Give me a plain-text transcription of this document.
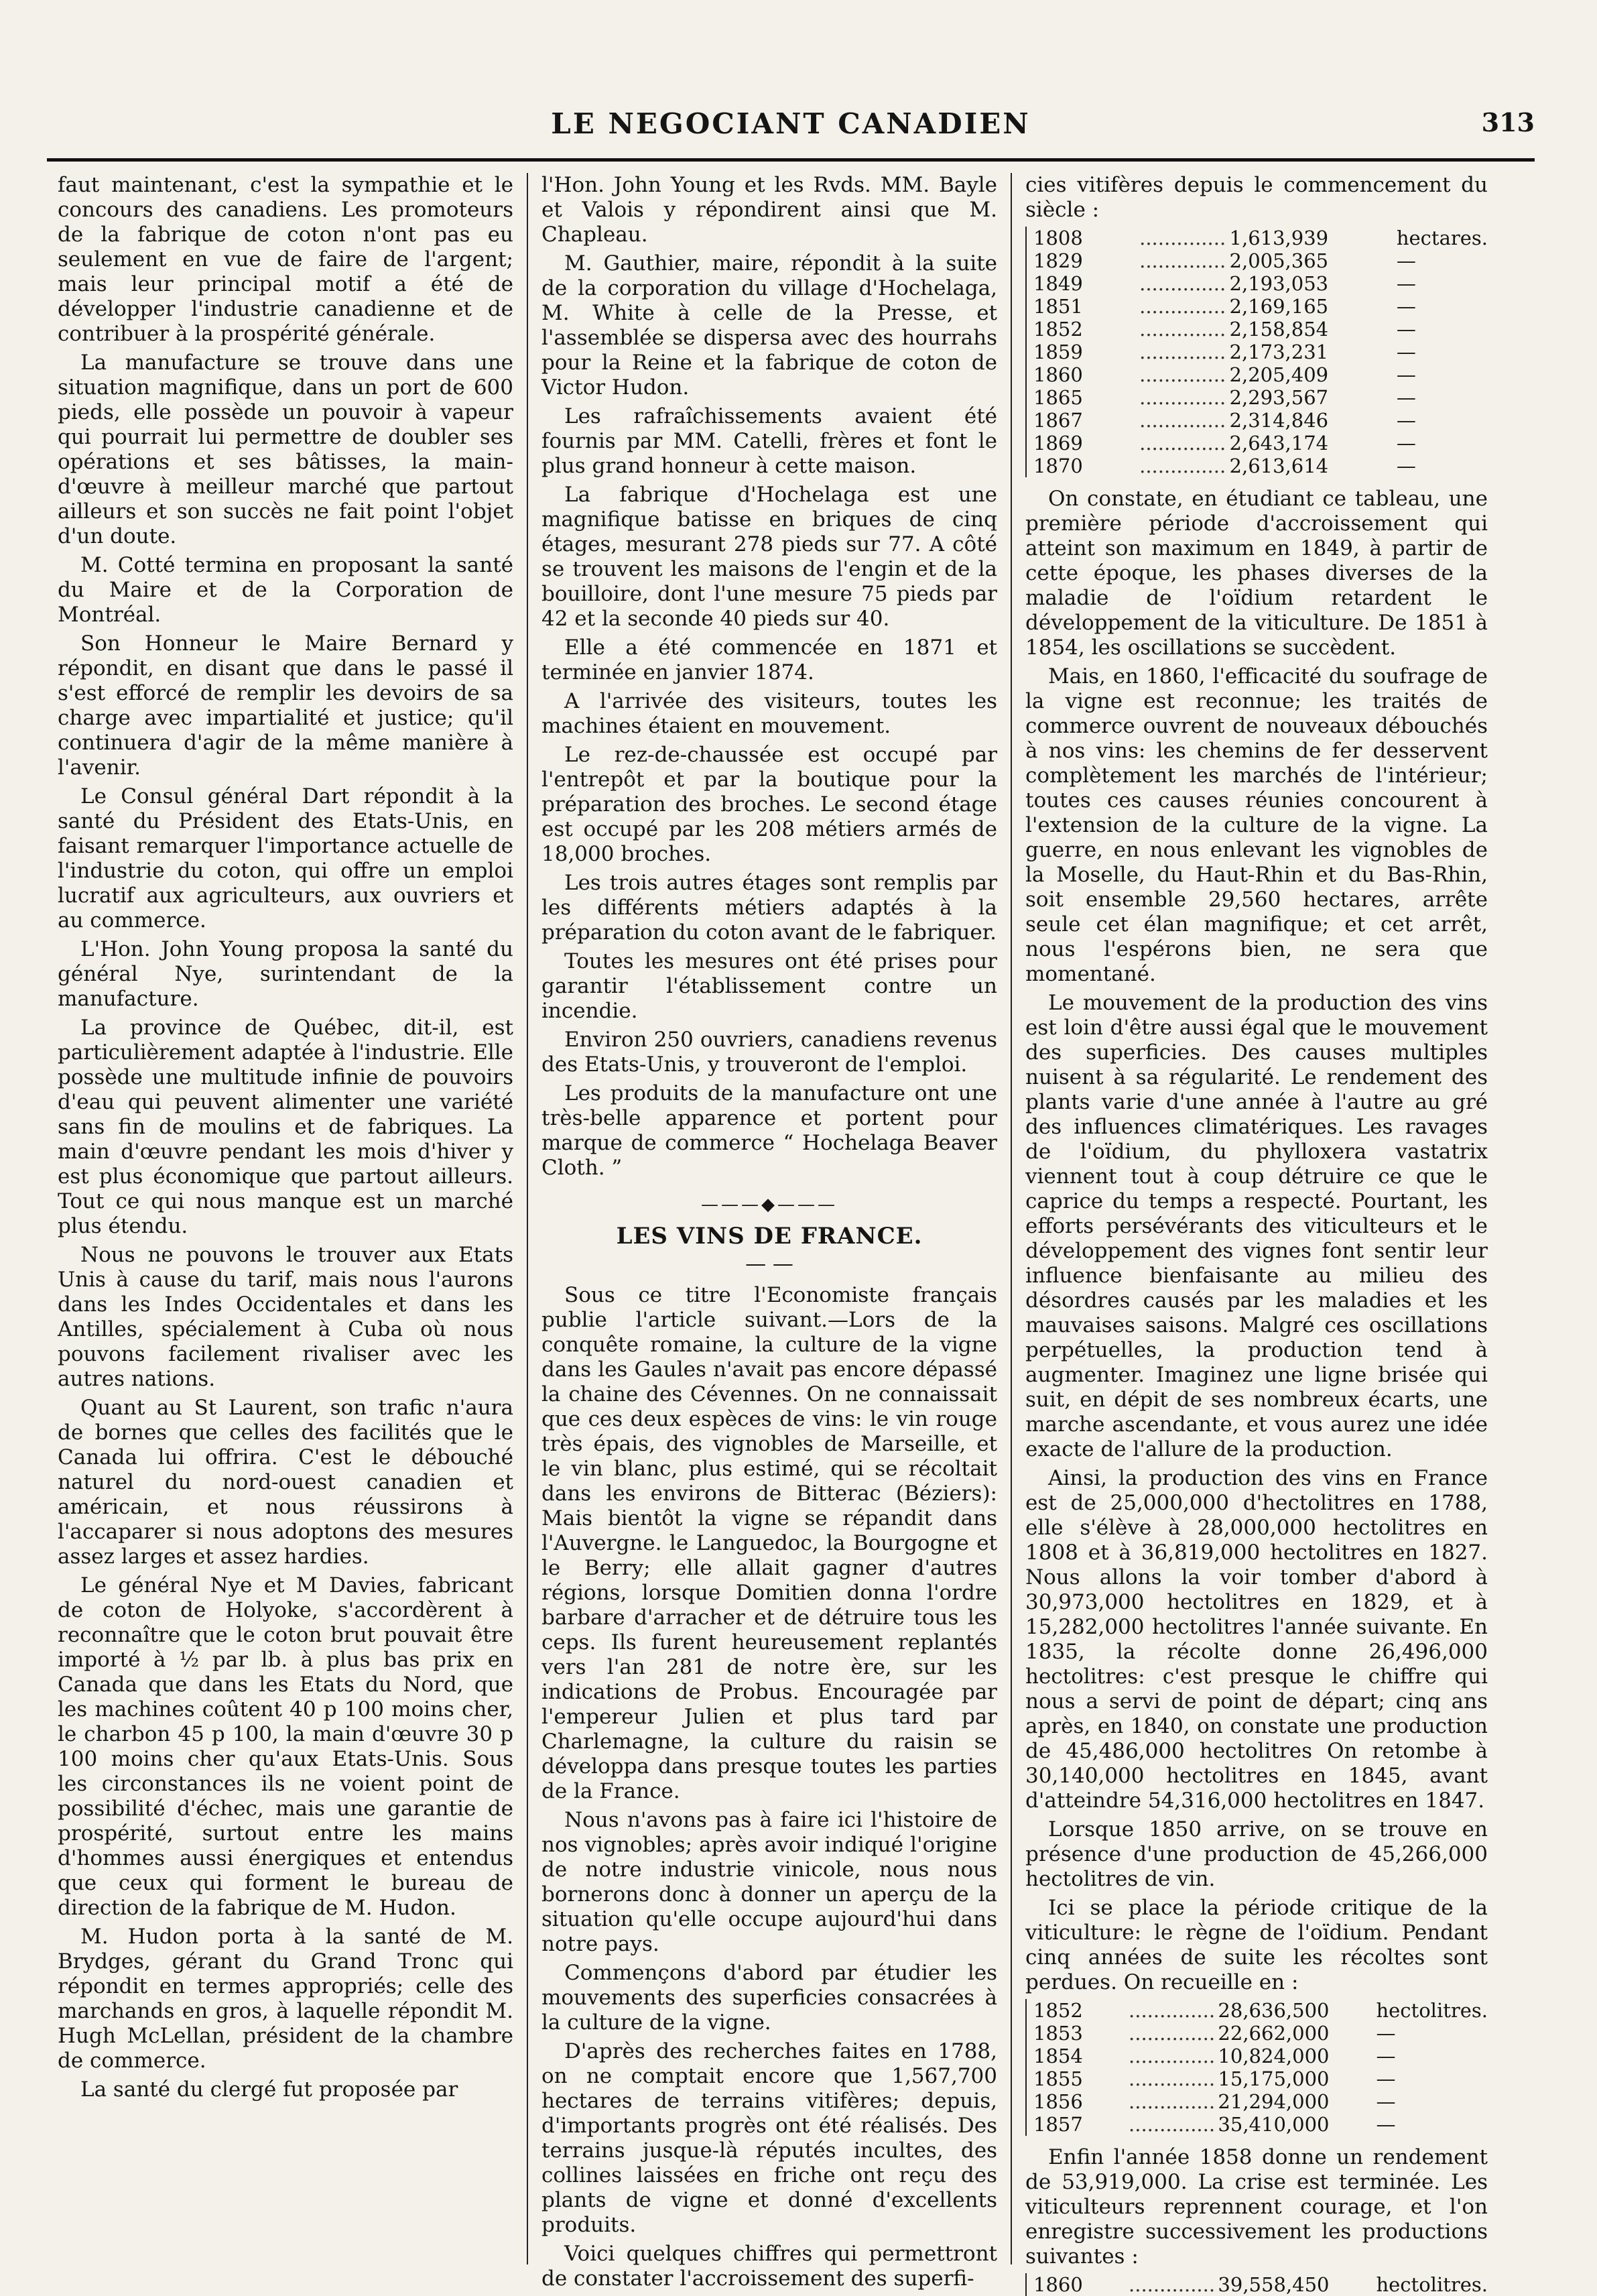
LE NEGOCIANT CANADIEN	313

faut maintenant, c'est la sympathie et le concours des canadiens. Les promoteurs de la fabrique de coton n'ont pas eu seulement en vue de faire de l'argent; mais leur principal motif a été de développer l'industrie canadienne et de contribuer à la prospérité générale.

La manufacture se trouve dans une situation magnifique, dans un port de 600 pieds, elle possède un pouvoir à vapeur qui pourrait lui permettre de doubler ses opérations et ses bâtisses, la main-d'œuvre à meilleur marché que partout ailleurs et son succès ne fait point l'objet d'un doute.

M. Cotté termina en proposant la santé du Maire et de la Corporation de Montréal.

Son Honneur le Maire Bernard y répondit, en disant que dans le passé il s'est efforcé de remplir les devoirs de sa charge avec impartialité et justice; qu'il continuera d'agir de la même manière à l'avenir.

Le Consul général Dart répondit à la santé du Président des Etats-Unis, en faisant remarquer l'importance actuelle de l'industrie du coton, qui offre un emploi lucratif aux agriculteurs, aux ouvriers et au commerce.

L'Hon. John Young proposa la santé du général Nye, surintendant de la manufacture.

La province de Québec, dit-il, est particulièrement adaptée à l'industrie. Elle possède une multitude infinie de pouvoirs d'eau qui peuvent alimenter une variété sans fin de moulins et de fabriques. La main d'œuvre pendant les mois d'hiver y est plus économique que partout ailleurs. Tout ce qui nous manque est un marché plus étendu.

Nous ne pouvons le trouver aux Etats Unis à cause du tarif, mais nous l'aurons dans les Indes Occidentales et dans les Antilles, spécialement à Cuba où nous pouvons facilement rivaliser avec les autres nations.

Quant au St Laurent, son trafic n'aura de bornes que celles des facilités que le Canada lui offrira. C'est le débouché naturel du nord-ouest canadien et américain, et nous réussirons à l'accaparer si nous adoptons des mesures assez larges et assez hardies.

Le général Nye et M Davies, fabricant de coton de Holyoke, s'accordèrent à reconnaître que le coton brut pouvait être importé à ½ par lb. à plus bas prix en Canada que dans les Etats du Nord, que les machines coûtent 40 p 100 moins cher, le charbon 45 p 100, la main d'œuvre 30 p 100 moins cher qu'aux Etats-Unis. Sous les circonstances ils ne voient point de possibilité d'échec, mais une garantie de prospérité, surtout entre les mains d'hommes aussi énergiques et entendus que ceux qui forment le bureau de direction de la fabrique de M. Hudon.

M. Hudon porta à la santé de M. Brydges, gérant du Grand Tronc qui répondit en termes appropriés; celle des marchands en gros, à laquelle répondit M. Hugh McLellan, président de la chambre de commerce.

La santé du clergé fut proposée par

l'Hon. John Young et les Rvds. MM. Bayle et Valois y répondirent ainsi que M. Chapleau.

M. Gauthier, maire, répondit à la suite de la corporation du village d'Hochelaga, M. White à celle de la Presse, et l'assemblée se dispersa avec des hourrahs pour la Reine et la fabrique de coton de Victor Hudon.

Les rafraîchissements avaient été fournis par MM. Catelli, frères et font le plus grand honneur à cette maison.

La fabrique d'Hochelaga est une magnifique batisse en briques de cinq étages, mesurant 278 pieds sur 77. A côté se trouvent les maisons de l'engin et de la bouilloire, dont l'une mesure 75 pieds par 42 et la seconde 40 pieds sur 40.

Elle a été commencée en 1871 et terminée en janvier 1874.

A l'arrivée des visiteurs, toutes les machines étaient en mouvement.

Le rez-de-chaussée est occupé par l'entrepôt et par la boutique pour la préparation des broches. Le second étage est occupé par les 208 métiers armés de 18,000 broches.

Les trois autres étages sont remplis par les différents métiers adaptés à la préparation du coton avant de le fabriquer.

Toutes les mesures ont été prises pour garantir l'établissement contre un incendie.

Environ 250 ouvriers, canadiens revenus des Etats-Unis, y trouveront de l'emploi.

Les produits de la manufacture ont une très-belle apparence et portent pour marque de commerce “ Hochelaga Beaver Cloth. ”

———◆———
LES VINS DE FRANCE.
— —

Sous ce titre l'Economiste français publie l'article suivant.—Lors de la conquête romaine, la culture de la vigne dans les Gaules n'avait pas encore dépassé la chaine des Cévennes. On ne connaissait que ces deux espèces de vins: le vin rouge très épais, des vignobles de Marseille, et le vin blanc, plus estimé, qui se récoltait dans les environs de Bitterac (Béziers): Mais bientôt la vigne se répandit dans l'Auvergne. le Languedoc, la Bourgogne et le Berry; elle allait gagner d'autres régions, lorsque Domitien donna l'ordre barbare d'arracher et de détruire tous les ceps. Ils furent heureusement replantés vers l'an 281 de notre ère, sur les indications de Probus. Encouragée par l'empereur Julien et plus tard par Charlemagne, la culture du raisin se développa dans presque toutes les parties de la France.

Nous n'avons pas à faire ici l'histoire de nos vignobles; après avoir indiqué l'origine de notre industrie vinicole, nous nous bornerons donc à donner un aperçu de la situation qu'elle occupe aujourd'hui dans notre pays.

Commençons d'abord par étudier les mouvements des superficies consacrées à la culture de la vigne.

D'après des recherches faites en 1788, on ne comptait encore que 1,567,700 hectares de terrains vitifères; depuis, d'importants progrès ont été réalisés. Des terrains jusque-là réputés incultes, des collines laissées en friche ont reçu des plants de vigne et donné d'excellents produits.

Voici quelques chiffres qui permettront de constater l'accroissement des superfi-

cies vitifères depuis le commencement du siècle :

1808	..............	1,613,939	hectares.
1829	..............	2,005,365	—
1849	..............	2,193,053	—
1851	..............	2,169,165	—
1852	..............	2,158,854	—
1859	..............	2,173,231	—
1860	..............	2,205,409	—
1865	..............	2,293,567	—
1867	..............	2,314,846	—
1869	..............	2,643,174	—
1870	..............	2,613,614	—

On constate, en étudiant ce tableau, une première période d'accroissement qui atteint son maximum en 1849, à partir de cette époque, les phases diverses de la maladie de l'oïdium retardent le développement de la viticulture. De 1851 à 1854, les oscillations se succèdent.

Mais, en 1860, l'efficacité du soufrage de la vigne est reconnue; les traités de commerce ouvrent de nouveaux débouchés à nos vins: les chemins de fer desservent complètement les marchés de l'intérieur; toutes ces causes réunies concourent à l'extension de la culture de la vigne. La guerre, en nous enlevant les vignobles de la Moselle, du Haut-Rhin et du Bas-Rhin, soit ensemble 29,560 hectares, arrête seule cet élan magnifique; et cet arrêt, nous l'espérons bien, ne sera que momentané.

Le mouvement de la production des vins est loin d'être aussi égal que le mouvement des superficies. Des causes multiples nuisent à sa régularité. Le rendement des plants varie d'une année à l'autre au gré des influences climatériques. Les ravages de l'oïdium, du phylloxera vastatrix viennent tout à coup détruire ce que le caprice du temps a respecté. Pourtant, les efforts persévérants des viticulteurs et le développement des vignes font sentir leur influence bienfaisante au milieu des désordres causés par les maladies et les mauvaises saisons. Malgré ces oscillations perpétuelles, la production tend à augmenter. Imaginez une ligne brisée qui suit, en dépit de ses nombreux écarts, une marche ascendante, et vous aurez une idée exacte de l'allure de la production.

Ainsi, la production des vins en France est de 25,000,000 d'hectolitres en 1788, elle s'élève à 28,000,000 hectolitres en 1808 et à 36,819,000 hectolitres en 1827. Nous allons la voir tomber d'abord à 30,973,000 hectolitres en 1829, et à 15,282,000 hectolitres l'année suivante. En 1835, la récolte donne 26,496,000 hectolitres: c'est presque le chiffre qui nous a servi de point de départ; cinq ans après, en 1840, on constate une production de 45,486,000 hectolitres On retombe à 30,140,000 hectolitres en 1845, avant d'atteindre 54,316,000 hectolitres en 1847.

Lorsque 1850 arrive, on se trouve en présence d'une production de 45,266,000 hectolitres de vin.

Ici se place la période critique de la viticulture: le règne de l'oïdium. Pendant cinq années de suite les récoltes sont perdues. On recueille en :

1852	..............	28,636,500	hectolitres.
1853	..............	22,662,000	—
1854	..............	10,824,000	—
1855	..............	15,175,000	—
1856	..............	21,294,000	—
1857	..............	35,410,000	—

Enfin l'année 1858 donne un rendement de 53,919,000. La crise est terminée. Les viticulteurs reprennent courage, et l'on enregistre successivement les productions suivantes :

1860	..............	39,558,450	hectolitres.
